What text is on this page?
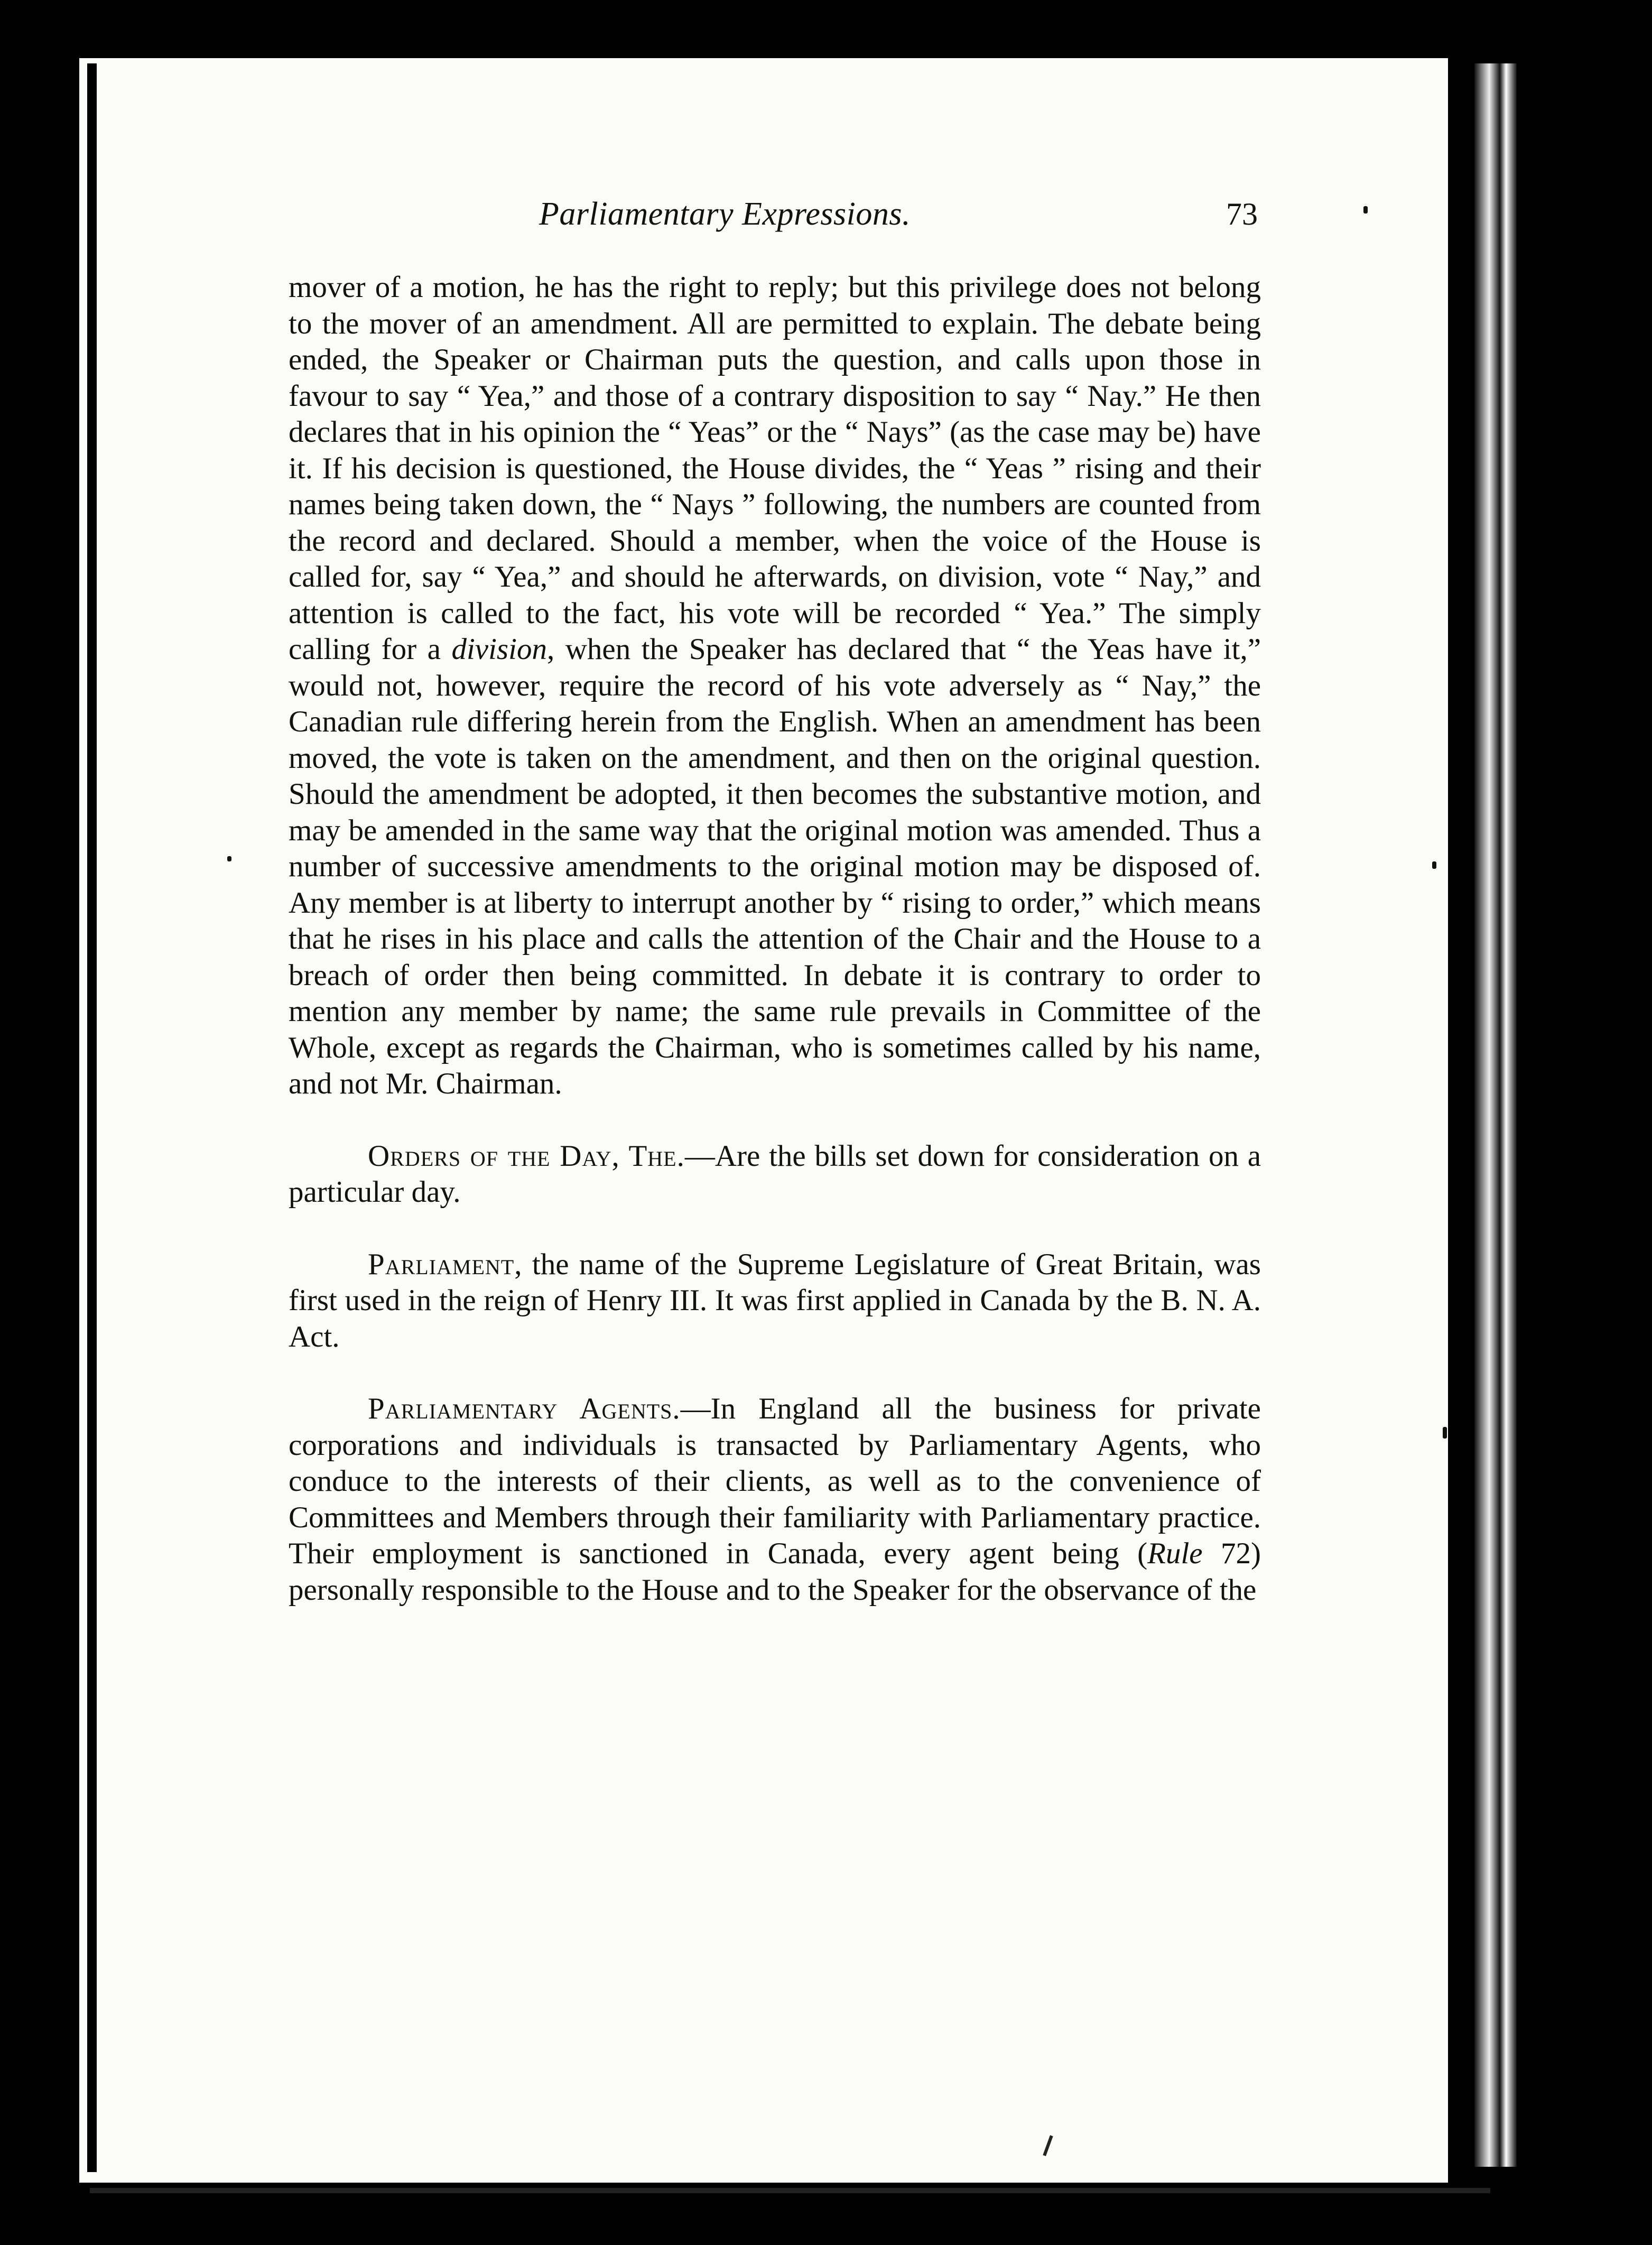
Parliamentary Expressions.	73

mover of a motion, he has the right to reply; but this privilege does not belong to the mover of an amendment. All are permitted to explain. The debate being ended, the Speaker or Chairman puts the question, and calls upon those in favour to say “ Yea,” and those of a contrary disposition to say “ Nay.” He then declares that in his opinion the “ Yeas” or the “ Nays” (as the case may be) have it. If his decision is questioned, the House divides, the “ Yeas ” rising and their names being taken down, the “ Nays ” following, the numbers are counted from the record and declared. Should a member, when the voice of the House is called for, say “ Yea,” and should he afterwards, on division, vote “ Nay,” and attention is called to the fact, his vote will be recorded “ Yea.” The simply calling for a division, when the Speaker has declared that “ the Yeas have it,” would not, however, require the record of his vote adversely as “ Nay,” the Canadian rule differing herein from the English. When an amendment has been moved, the vote is taken on the amendment, and then on the original question. Should the amendment be adopted, it then becomes the substantive motion, and may be amended in the same way that the original motion was amended. Thus a number of successive amendments to the original motion may be disposed of. Any member is at liberty to interrupt another by “ rising to order,” which means that he rises in his place and calls the attention of the Chair and the House to a breach of order then being committed. In debate it is contrary to order to mention any member by name; the same rule prevails in Committee of the Whole, except as regards the Chairman, who is sometimes called by his name, and not Mr. Chairman.

Orders of the Day, The.—Are the bills set down for consideration on a particular day.

Parliament, the name of the Supreme Legislature of Great Britain, was first used in the reign of Henry III. It was first applied in Canada by the B. N. A. Act.

Parliamentary Agents.—In England all the business for private corporations and individuals is transacted by Parliamentary Agents, who conduce to the interests of their clients, as well as to the convenience of Committees and Members through their familiarity with Parliamentary practice. Their employment is sanctioned in Canada, every agent being (Rule 72) personally responsible to the House and to the Speaker for the observance of the
